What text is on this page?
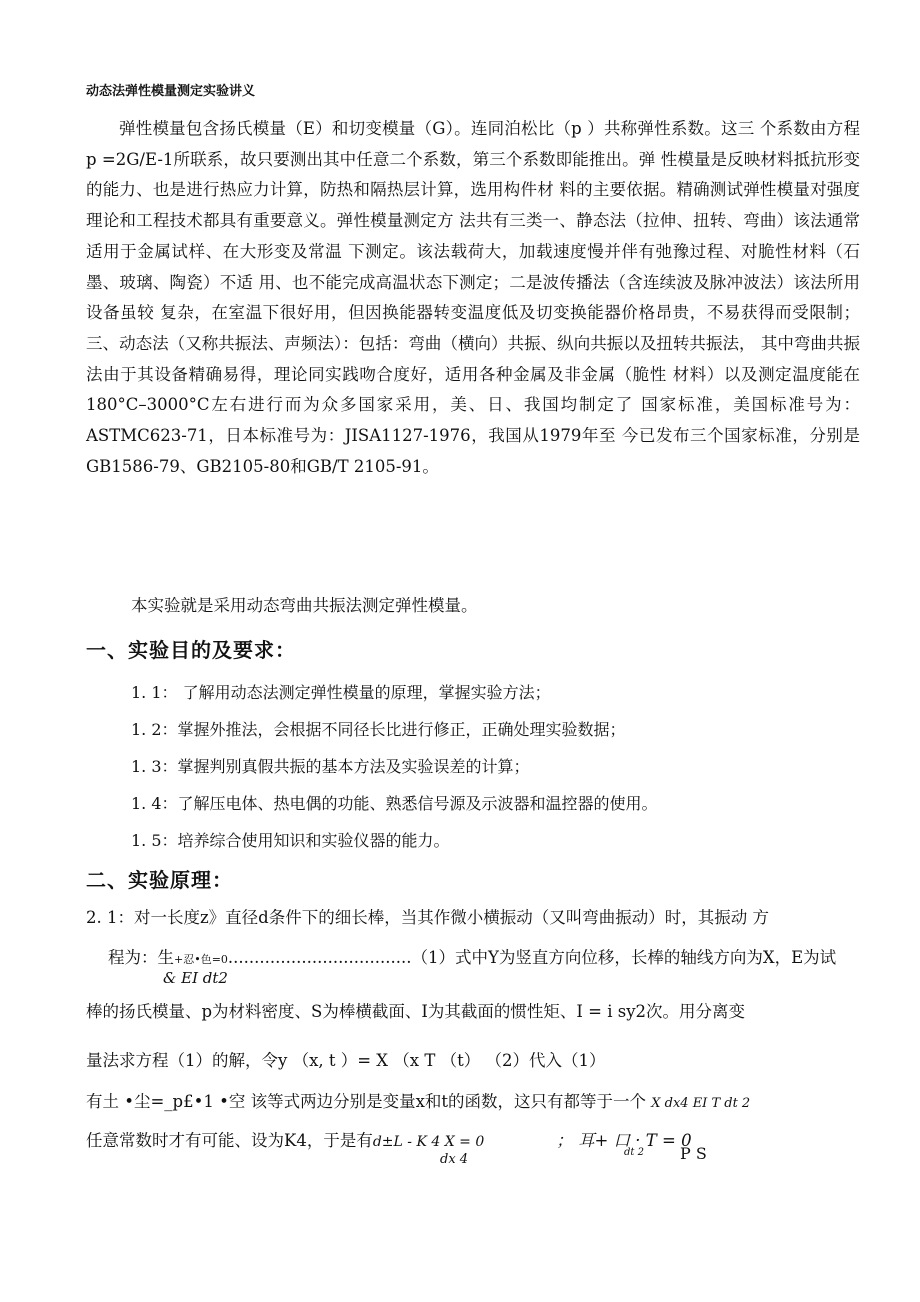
动态法弹性模量测定实验讲义

弹性模量包含扬氏模量（E）和切变模量（G）。连同泊松比（p ）共称弹性系数。这三 个系数由方程p =2G/E-1所联系，故只要测出其中任意二个系数，第三个系数即能推出。弹 性模量是反映材料抵抗形变的能力、也是进行热应力计算，防热和隔热层计算，选用构件材 料的主要依据。精确测试弹性模量对强度理论和工程技术都具有重要意义。弹性模量测定方 法共有三类一、静态法（拉伸、扭转、弯曲）该法通常适用于金属试样、在大形变及常温 下测定。该法载荷大，加载速度慢并伴有弛豫过程、对脆性材料（石墨、玻璃、陶瓷）不适 用、也不能完成高温状态下测定；二是波传播法（含连续波及脉冲波法）该法所用设备虽较 复杂，在室温下很好用，但因换能器转变温度低及切变换能器价格昂贵，不易获得而受限制；三、动态法（又称共振法、声频法）：包括：弯曲（横向）共振、纵向共振以及扭转共振法， 其中弯曲共振法由于其设备精确易得，理论同实践吻合度好，适用各种金属及非金属（脆性 材料）以及测定温度能在180°C–3000°C左右进行而为众多国家采用，美、日、我国均制定了 国家标准，美国标准号为：ASTMC623-71，日本标准号为：JISA1127-1976，我国从1979年至 今已发布三个国家标准，分别是GB1586-79、GB2105-80和GB/T 2105-91。

本实验就是采用动态弯曲共振法测定弹性模量。

一、实验目的及要求：
1. 1： 了解用动态法测定弹性模量的原理，掌握实验方法；
1. 2：掌握外推法，会根据不同径长比进行修正，正确处理实验数据；
1. 3：掌握判别真假共振的基本方法及实验误差的计算；
1. 4：了解压电体、热电偶的功能、熟悉信号源及示波器和温控器的使用。
1. 5：培养综合使用知识和实验仪器的能力。
二、实验原理：
2. 1：对一长度z》直径d条件下的细长棒，当其作微小横振动（又叫弯曲振动）时，其振动 方
程为：生+忍•色=0...................................（1）式中Y为竖直方向位移，长棒的轴线方向为X，E为试
& EI dt2
棒的扬氏模量、p为材料密度、S为棒横截面、I为其截面的惯性矩、I = i sy2次。用分离变
量法求方程（1）的解，令y （x, t ）= X （x T （t） （2）代入（1）
有土 •尘=_p£•1 •空 该等式两边分别是变量x和t的函数，这只有都等于一个 X dx4 EI T dt 2
任意常数时才有可能、设为K4，于是有d±L - K 4 X = 0	； 耳+ 口 · T = 0
dx 4	dt 2 P S
